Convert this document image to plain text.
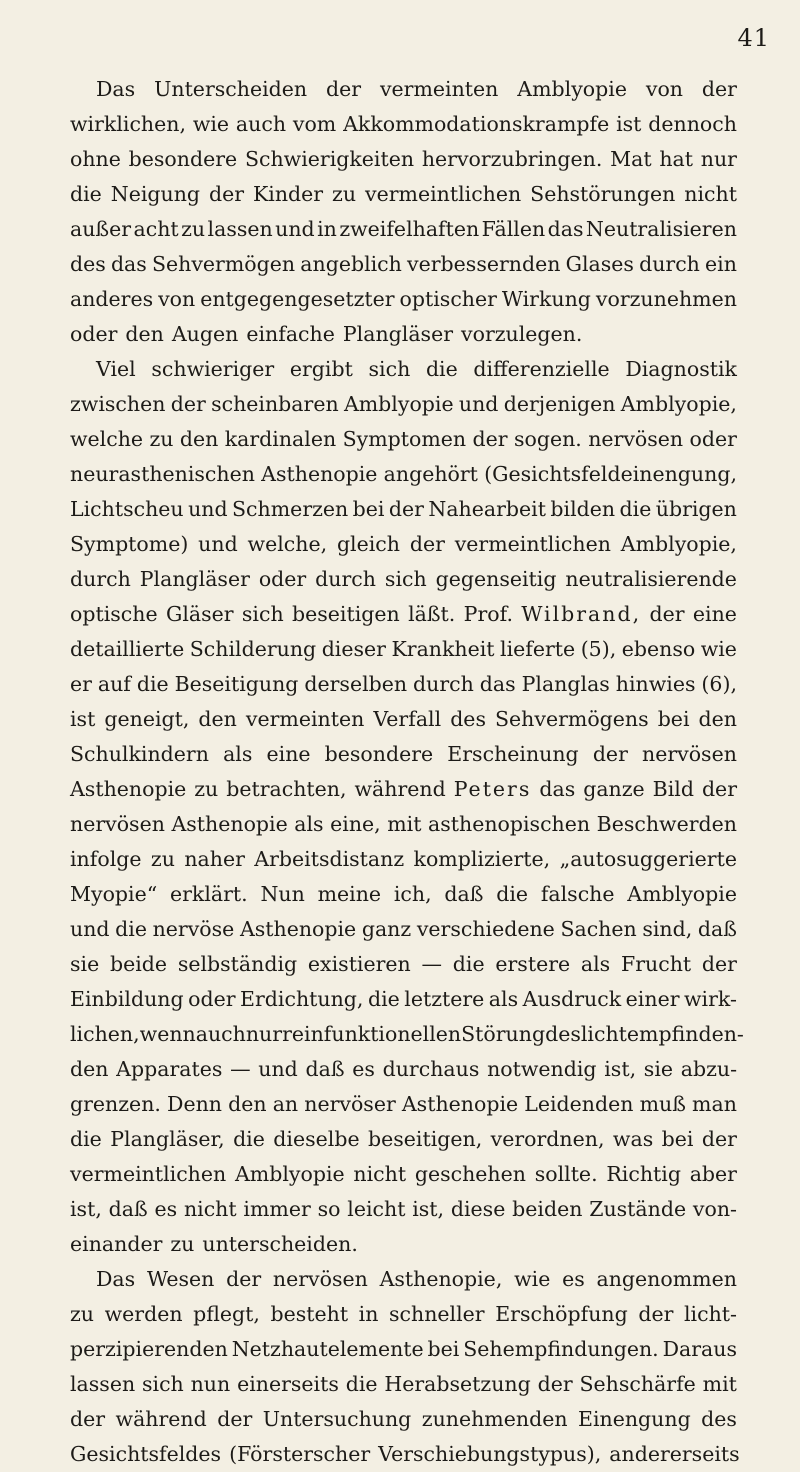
41
Das Unterscheiden der vermeinten Amblyopie von der
wirklichen, wie auch vom Akkommodationskrampfe ist dennoch
ohne besondere Schwierigkeiten hervorzubringen. Mat hat nur
die Neigung der Kinder zu vermeintlichen Sehstörungen nicht
außer acht zu lassen und in zweifelhaften Fällen das Neutralisieren
des das Sehvermögen angeblich verbessernden Glases durch ein
anderes von entgegengesetzter optischer Wirkung vorzunehmen
oder den Augen einfache Plangläser vorzulegen.
Viel schwieriger ergibt sich die differenzielle Diagnostik
zwischen der scheinbaren Amblyopie und derjenigen Amblyopie,
welche zu den kardinalen Symptomen der sogen. nervösen oder
neurasthenischen Asthenopie angehört (Gesichtsfeldeinengung,
Lichtscheu und Schmerzen bei der Nahearbeit bilden die übrigen
Symptome) und welche, gleich der vermeintlichen Amblyopie,
durch Plangläser oder durch sich gegenseitig neutralisierende
optische Gläser sich beseitigen läßt. Prof. Wilbrand, der eine
detaillierte Schilderung dieser Krankheit lieferte (5), ebenso wie
er auf die Beseitigung derselben durch das Planglas hinwies (6),
ist geneigt, den vermeinten Verfall des Sehvermögens bei den
Schulkindern als eine besondere Erscheinung der nervösen
Asthenopie zu betrachten, während Peters das ganze Bild der
nervösen Asthenopie als eine, mit asthenopischen Beschwerden
infolge zu naher Arbeitsdistanz komplizierte, „autosuggerierte
Myopie“ erklärt. Nun meine ich, daß die falsche Amblyopie
und die nervöse Asthenopie ganz verschiedene Sachen sind, daß
sie beide selbständig existieren — die erstere als Frucht der
Einbildung oder Erdichtung, die letztere als Ausdruck einer wirk-
lichen, wenn auch nur rein funktionellen Störung des lichtempfinden-
den Apparates — und daß es durchaus notwendig ist, sie abzu-
grenzen. Denn den an nervöser Asthenopie Leidenden muß man
die Plangläser, die dieselbe beseitigen, verordnen, was bei der
vermeintlichen Amblyopie nicht geschehen sollte. Richtig aber
ist, daß es nicht immer so leicht ist, diese beiden Zustände von-
einander zu unterscheiden.
Das Wesen der nervösen Asthenopie, wie es angenommen
zu werden pflegt, besteht in schneller Erschöpfung der licht-
perzipierenden Netzhautelemente bei Sehempfindungen. Daraus
lassen sich nun einerseits die Herabsetzung der Sehschärfe mit
der während der Untersuchung zunehmenden Einengung des
Gesichtsfeldes (Försterscher Verschiebungstypus), andererseits
